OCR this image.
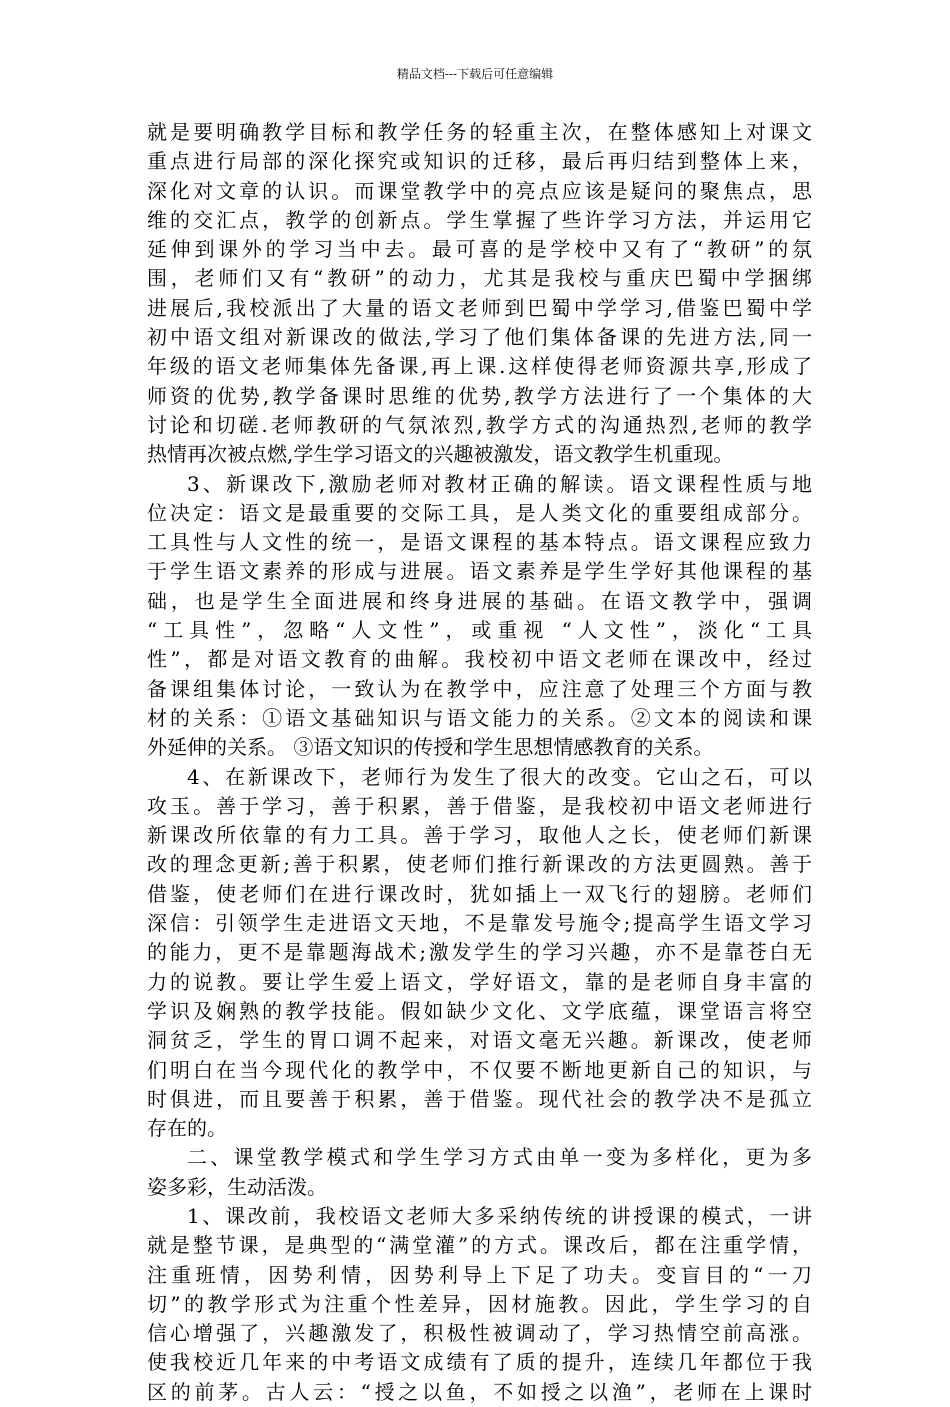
精品文档---下载后可任意编辑
就是要明确教学目标和教学任务的轻重主次，在整体感知上对课文
重点进行局部的深化探究或知识的迁移，最后再归结到整体上来，
深化对文章的认识。而课堂教学中的亮点应该是疑问的聚焦点，思
维的交汇点，教学的创新点。学生掌握了些许学习方法，并运用它
延伸到课外的学习当中去。最可喜的是学校中又有了“教研”的氛
围，老师们又有“教研”的动力，尤其是我校与重庆巴蜀中学捆绑
进展后,我校派出了大量的语文老师到巴蜀中学学习,借鉴巴蜀中学
初中语文组对新课改的做法,学习了他们集体备课的先进方法,同一
年级的语文老师集体先备课,再上课.这样使得老师资源共享,形成了
师资的优势,教学备课时思维的优势,教学方法进行了一个集体的大
讨论和切磋.老师教研的气氛浓烈,教学方式的沟通热烈,老师的教学
热情再次被点燃,学生学习语文的兴趣被激发，语文教学生机重现。
3、新课改下,激励老师对教材正确的解读。语文课程性质与地
位决定：语文是最重要的交际工具，是人类文化的重要组成部分。
工具性与人文性的统一，是语文课程的基本特点。语文课程应致力
于学生语文素养的形成与进展。语文素养是学生学好其他课程的基
础，也是学生全面进展和终身进展的基础。在语文教学中，强调
“工具性”，忽略“人文性”，或重视 “人文性”，淡化“工具
性”，都是对语文教育的曲解。我校初中语文老师在课改中，经过
备课组集体讨论，一致认为在教学中，应注意了处理三个方面与教
材的关系：①语文基础知识与语文能力的关系。②文本的阅读和课
外延伸的关系。 ③语文知识的传授和学生思想情感教育的关系。
4、在新课改下，老师行为发生了很大的改变。它山之石，可以
攻玉。善于学习，善于积累，善于借鉴，是我校初中语文老师进行
新课改所依靠的有力工具。善于学习，取他人之长，使老师们新课
改的理念更新;善于积累，使老师们推行新课改的方法更圆熟。善于
借鉴，使老师们在进行课改时，犹如插上一双飞行的翅膀。老师们
深信：引领学生走进语文天地，不是靠发号施令;提高学生语文学习
的能力，更不是靠题海战术;激发学生的学习兴趣，亦不是靠苍白无
力的说教。要让学生爱上语文，学好语文，靠的是老师自身丰富的
学识及娴熟的教学技能。假如缺少文化、文学底蕴，课堂语言将空
洞贫乏，学生的胃口调不起来，对语文毫无兴趣。新课改，使老师
们明白在当今现代化的教学中，不仅要不断地更新自己的知识，与
时俱进，而且要善于积累，善于借鉴。现代社会的教学决不是孤立
存在的。
二、课堂教学模式和学生学习方式由单一变为多样化，更为多
姿多彩，生动活泼。
1、课改前，我校语文老师大多采纳传统的讲授课的模式，一讲
就是整节课，是典型的“满堂灌”的方式。课改后，都在注重学情，
注重班情，因势利情，因势利导上下足了功夫。变盲目的“一刀
切”的教学形式为注重个性差异，因材施教。因此，学生学习的自
信心增强了，兴趣激发了，积极性被调动了，学习热情空前高涨。
使我校近几年来的中考语文成绩有了质的提升，连续几年都位于我
区的前茅。古人云：“授之以鱼，不如授之以渔”，老师在上课时
